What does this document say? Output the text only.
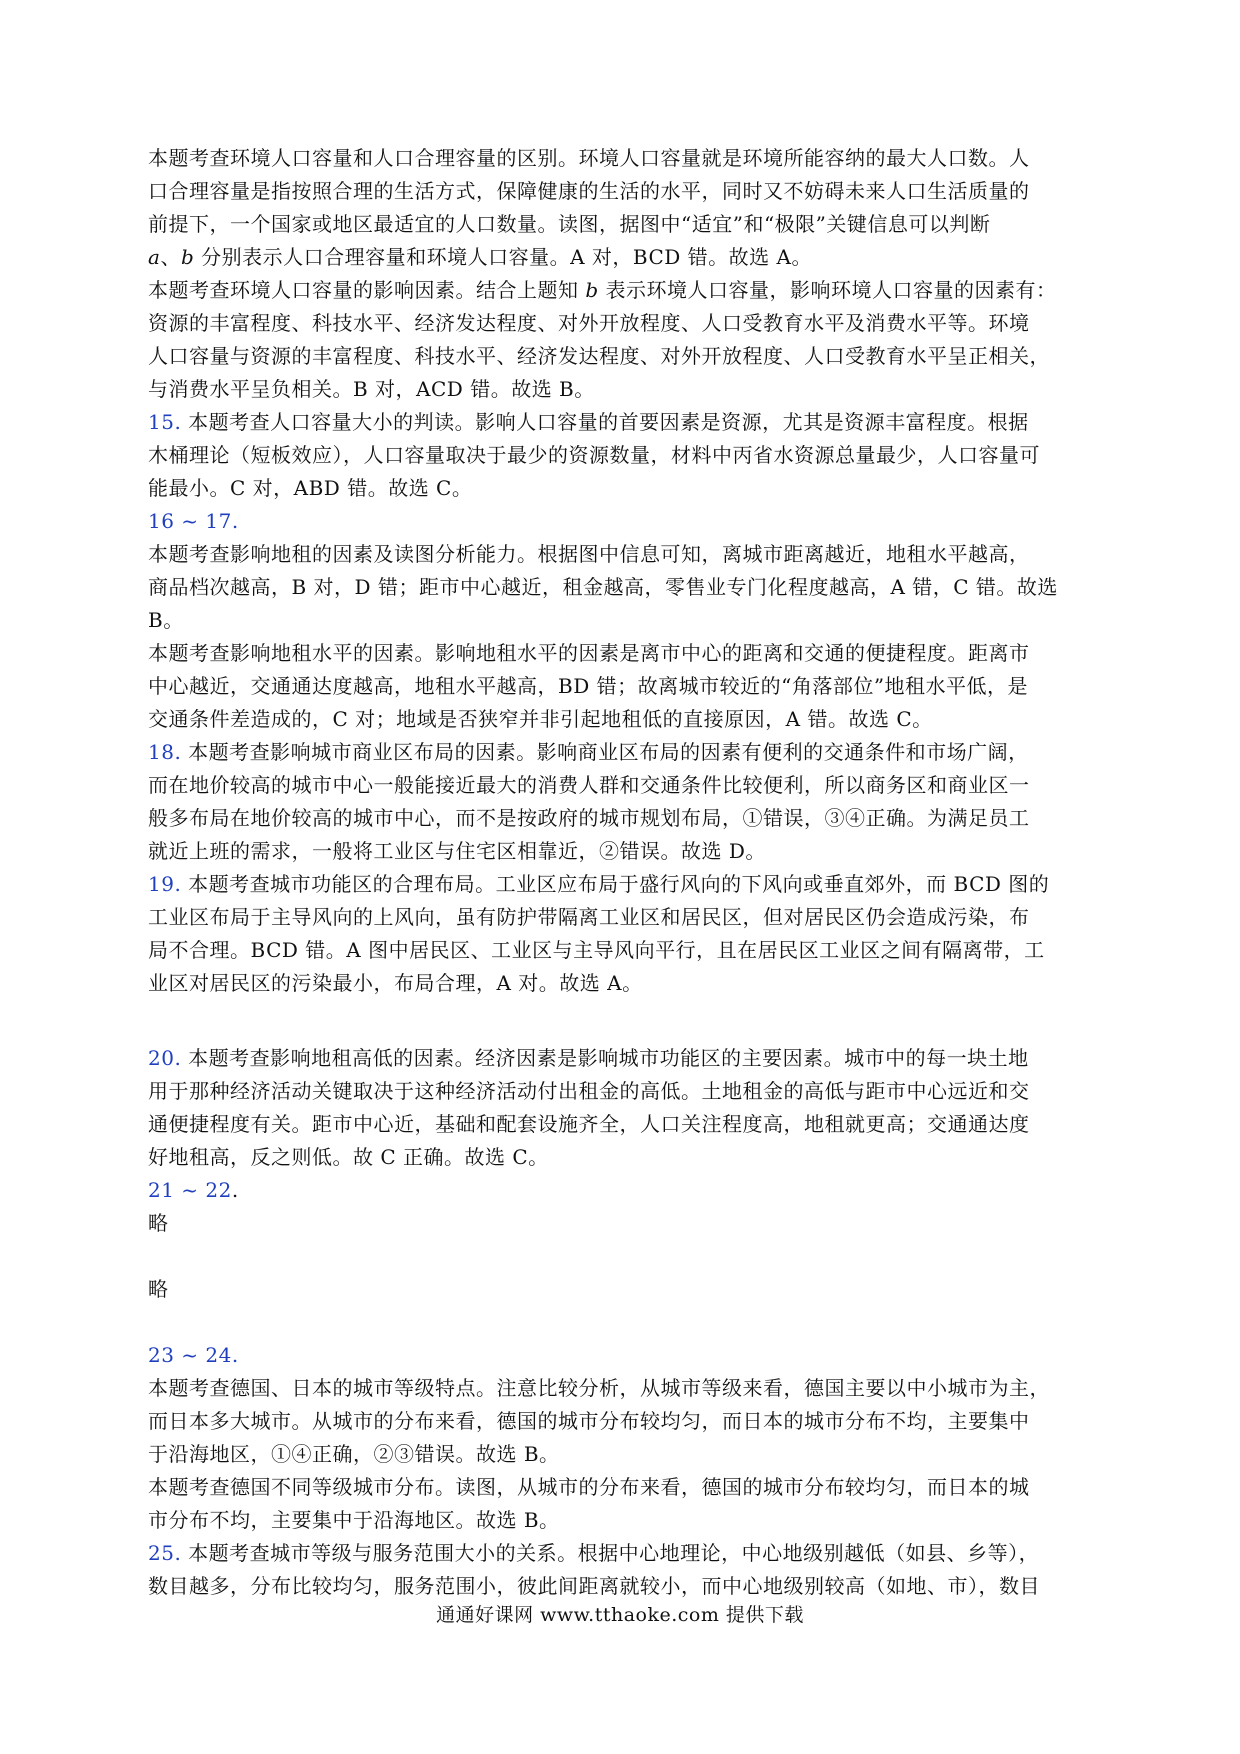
本题考查环境人口容量和人口合理容量的区别。环境人口容量就是环境所能容纳的最大人口数。人
口合理容量是指按照合理的生活方式，保障健康的生活的水平，同时又不妨碍未来人口生活质量的
前提下，一个国家或地区最适宜的人口数量。读图，据图中“适宜”和“极限”关键信息可以判断
a、b 分别表示人口合理容量和环境人口容量。A 对，BCD 错。故选 A。
本题考查环境人口容量的影响因素。结合上题知 b 表示环境人口容量，影响环境人口容量的因素有：
资源的丰富程度、科技水平、经济发达程度、对外开放程度、人口受教育水平及消费水平等。环境
人口容量与资源的丰富程度、科技水平、经济发达程度、对外开放程度、人口受教育水平呈正相关，
与消费水平呈负相关。B 对，ACD 错。故选 B。
15. 本题考查人口容量大小的判读。影响人口容量的首要因素是资源，尤其是资源丰富程度。根据
木桶理论（短板效应），人口容量取决于最少的资源数量，材料中丙省水资源总量最少，人口容量可
能最小。C 对，ABD 错。故选 C。
16 ~ 17.
本题考查影响地租的因素及读图分析能力。根据图中信息可知，离城市距离越近，地租水平越高，
商品档次越高，B 对，D 错；距市中心越近，租金越高，零售业专门化程度越高，A 错，C 错。故选
B。
本题考查影响地租水平的因素。影响地租水平的因素是离市中心的距离和交通的便捷程度。距离市
中心越近，交通通达度越高，地租水平越高，BD 错；故离城市较近的“角落部位”地租水平低，是
交通条件差造成的，C 对；地域是否狭窄并非引起地租低的直接原因，A 错。故选 C。
18. 本题考查影响城市商业区布局的因素。影响商业区布局的因素有便利的交通条件和市场广阔，
而在地价较高的城市中心一般能接近最大的消费人群和交通条件比较便利，所以商务区和商业区一
般多布局在地价较高的城市中心，而不是按政府的城市规划布局，①错误，③④正确。为满足员工
就近上班的需求，一般将工业区与住宅区相靠近，②错误。故选 D。
19. 本题考查城市功能区的合理布局。工业区应布局于盛行风向的下风向或垂直郊外，而 BCD 图的
工业区布局于主导风向的上风向，虽有防护带隔离工业区和居民区，但对居民区仍会造成污染，布
局不合理。BCD 错。A 图中居民区、工业区与主导风向平行，且在居民区工业区之间有隔离带，工
业区对居民区的污染最小，布局合理，A 对。故选 A。
20. 本题考查影响地租高低的因素。经济因素是影响城市功能区的主要因素。城市中的每一块土地
用于那种经济活动关键取决于这种经济活动付出租金的高低。土地租金的高低与距市中心远近和交
通便捷程度有关。距市中心近，基础和配套设施齐全，人口关注程度高，地租就更高；交通通达度
好地租高，反之则低。故 C 正确。故选 C。
21 ~ 22.
略
略
23 ~ 24.
本题考查德国、日本的城市等级特点。注意比较分析，从城市等级来看，德国主要以中小城市为主，
而日本多大城市。从城市的分布来看，德国的城市分布较均匀，而日本的城市分布不均，主要集中
于沿海地区，①④正确，②③错误。故选 B。
本题考查德国不同等级城市分布。读图，从城市的分布来看，德国的城市分布较均匀，而日本的城
市分布不均，主要集中于沿海地区。故选 B。
25. 本题考查城市等级与服务范围大小的关系。根据中心地理论，中心地级别越低（如县、乡等），
数目越多，分布比较均匀，服务范围小，彼此间距离就较小，而中心地级别较高（如地、市），数目
通通好课网 www.tthaoke.com 提供下载
